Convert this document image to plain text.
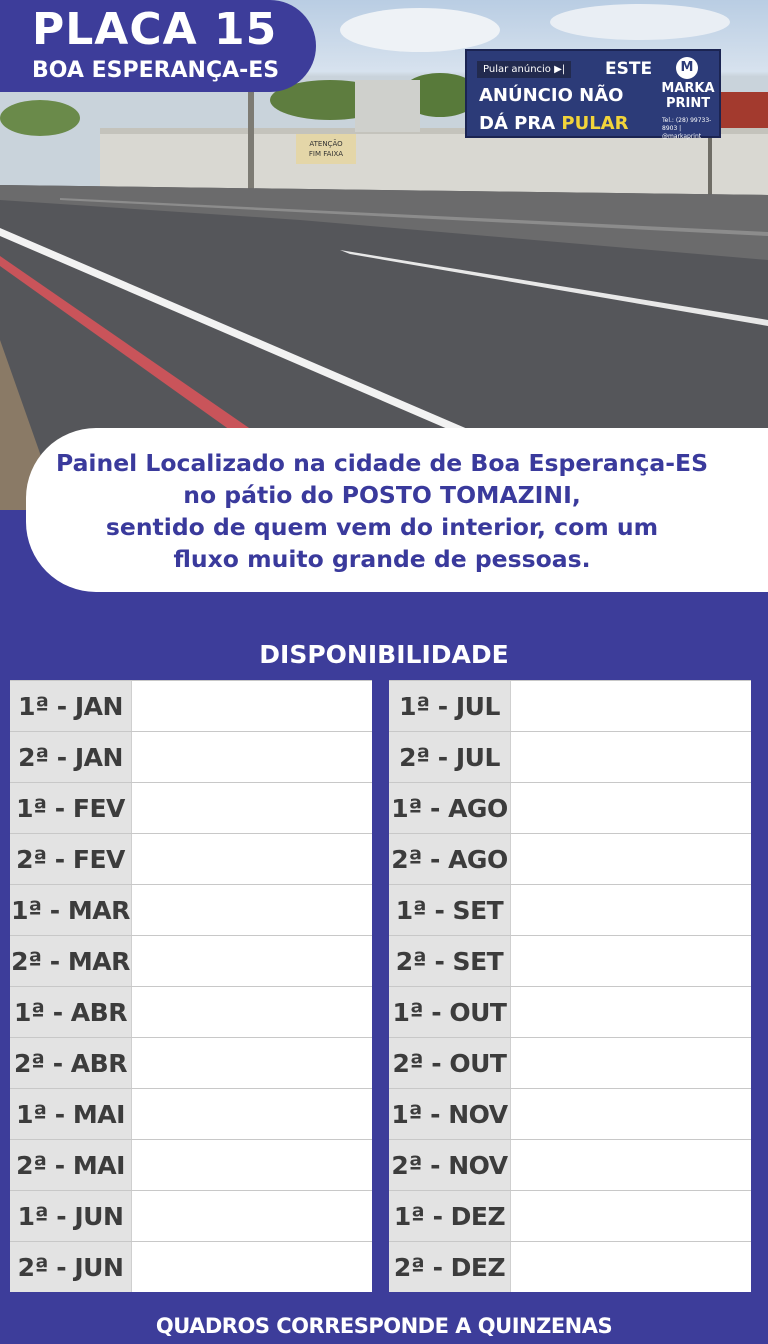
ATENÇÃO
FIM FAIXA
Pular anúncio ▶|	ESTE
ANÚNCIO NÃO
DÁ PRA PULAR
M
MARKA PRINT
Tel.: (28) 99733-8903 | @markaprint
PLACA 15
BOA ESPERANÇA-ES
Painel Localizado na cidade de Boa Esperança-ES
no pátio do POSTO TOMAZINI,
sentido de quem vem do interior, com um
fluxo muito grande de pessoas.
DISPONIBILIDADE
1ª - JAN
2ª - JAN
1ª - FEV
2ª - FEV
1ª - MAR
2ª - MAR
1ª - ABR
2ª - ABR
1ª - MAI
2ª - MAI
1ª - JUN
2ª - JUN
1ª - JUL
2ª - JUL
1ª - AGO
2ª - AGO
1ª - SET
2ª - SET
1ª - OUT
2ª - OUT
1ª - NOV
2ª - NOV
1ª - DEZ
2ª - DEZ
QUADROS CORRESPONDE A QUINZENAS
